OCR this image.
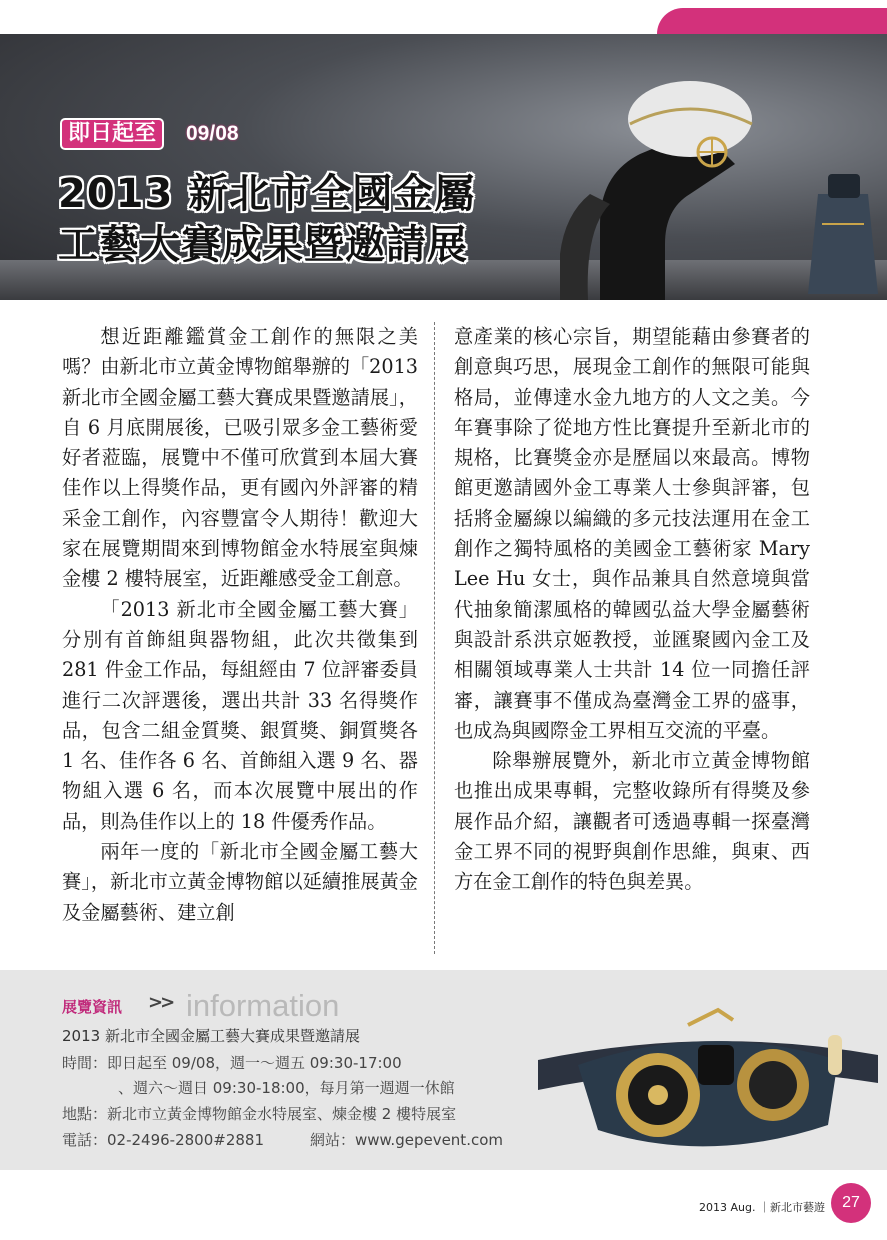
即日起至 09/08
2013 新北市全國金屬
工藝大賽成果暨邀請展

想近距離鑑賞金工創作的無限之美嗎？由新北市立黃金博物館舉辦的「2013 新北市全國金屬工藝大賽成果暨邀請展」，自 6 月底開展後，已吸引眾多金工藝術愛好者蒞臨，展覽中不僅可欣賞到本屆大賽佳作以上得獎作品，更有國內外評審的精采金工創作，內容豐富令人期待！歡迎大家在展覽期間來到博物館金水特展室與煉金樓 2 樓特展室，近距離感受金工創意。

「2013 新北市全國金屬工藝大賽」分別有首飾組與器物組，此次共徵集到 281 件金工作品，每組經由 7 位評審委員進行二次評選後，選出共計 33 名得獎作品，包含二組金質獎、銀質獎、銅質獎各 1 名、佳作各 6 名、首飾組入選 9 名、器物組入選 6 名，而本次展覽中展出的作品，則為佳作以上的 18 件優秀作品。

兩年一度的「新北市全國金屬工藝大賽」，新北市立黃金博物館以延續推展黃金及金屬藝術、建立創

意產業的核心宗旨，期望能藉由參賽者的創意與巧思，展現金工創作的無限可能與格局，並傳達水金九地方的人文之美。今年賽事除了從地方性比賽提升至新北市的規格，比賽獎金亦是歷屆以來最高。博物館更邀請國外金工專業人士參與評審，包括將金屬線以編織的多元技法運用在金工創作之獨特風格的美國金工藝術家 Mary Lee Hu 女士，與作品兼具自然意境與當代抽象簡潔風格的韓國弘益大學金屬藝術與設計系洪京姬教授，並匯聚國內金工及相關領域專業人士共計 14 位一同擔任評審，讓賽事不僅成為臺灣金工界的盛事，也成為與國際金工界相互交流的平臺。

除舉辦展覽外，新北市立黃金博物館也推出成果專輯，完整收錄所有得獎及參展作品介紹，讓觀者可透過專輯一探臺灣金工界不同的視野與創作思維，與東、西方在金工創作的特色與差異。

展覽資訊 >> information
2013 新北市全國金屬工藝大賽成果暨邀請展
時間：即日起至 09/08，週一～週五 09:30-17:00
、週六～週日 09:30-18:00，每月第一週週一休館
地點：新北市立黃金博物館金水特展室、煉金樓 2 樓特展室
電話：02-2496-2800#2881	網站：www.gepevent.com
2013 Aug. ｜新北市藝遊	27
